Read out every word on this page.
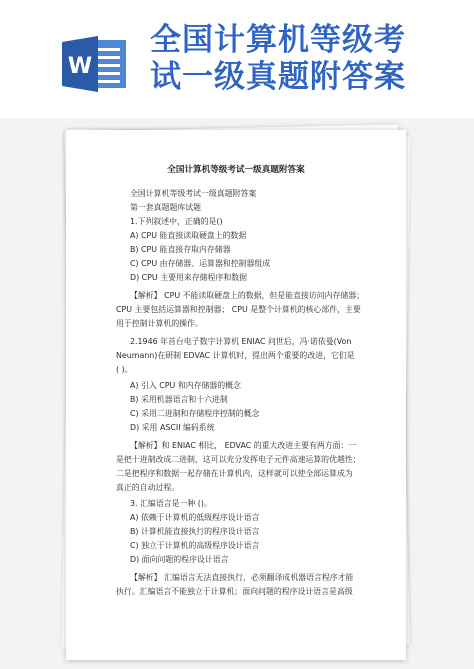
W
全国计算机等级考
试一级真题附答案
全国计算机等级考试一级真题附答案
全国计算机等级考试一级真题附答案
第一套真题题库试题
1.下列叙述中，正确的是()
A) CPU 能直接读取硬盘上的数据
B) CPU 能直接存取内存储器
C) CPU 由存储器、运算器和控制器组成
D) CPU 主要用来存储程序和数据
【解析】 CPU 不能读取硬盘上的数据，但是能直接访问内存储器；
CPU 主要包括运算器和控制器； CPU 是整个计算机的核心部件，主要
用于控制计算机的操作。
2.1946 年首台电子数字计算机 ENIAC 问世后，冯·诺依曼(Von
Neumann)在研制 EDVAC 计算机时，提出两个重要的改进，它们是
( )。
A) 引入 CPU 和内存储器的概念
B) 采用机器语言和十六进制
C) 采用二进制和存储程序控制的概念
D) 采用 ASCII 编码系统
【解析】和 ENIAC 相比， EDVAC 的重大改进主要有两方面：一
是把十进制改成二进制，这可以充分发挥电子元件高速运算的优越性；
二是把程序和数据一起存储在计算机内，这样就可以使全部运算成为
真正的自动过程。
3. 汇编语言是一种 ()。
A) 依赖于计算机的低级程序设计语言
B) 计算机能直接执行的程序设计语言
C) 独立于计算机的高级程序设计语言
D) 面向问题的程序设计语言
【解析】 汇编语言无法直接执行，必须翻译成机器语言程序才能
执行。汇编语言不能独立于计算机；面向问题的程序设计语言是高级
